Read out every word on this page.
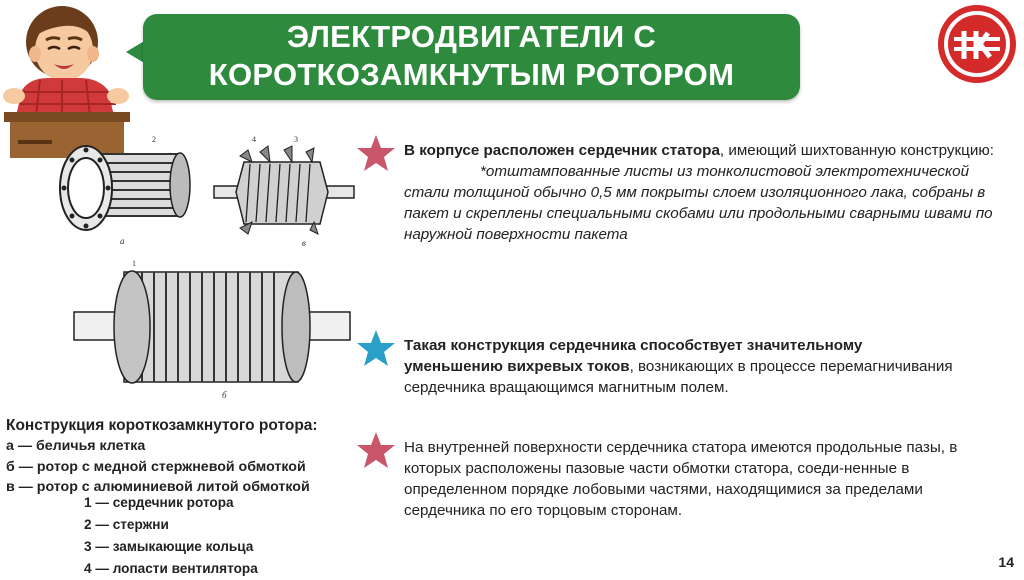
ЭЛЕКТРОДВИГАТЕЛИ С
КОРОТКОЗАМКНУТЫМ РОТОРОМ
а
2
в
4	3
б
1
В корпусе расположен сердечник статора, имеющий шихтованную конструкцию:
*отштампованные листы из тонколистовой электротехнической стали толщиной обычно 0,5 мм покрыты слоем изоляционного лака, собраны в пакет и скреплены специальными скобами или продольными сварными швами по наружной поверхности пакета
Такая конструкция сердечника способствует значительному уменьшению вихревых токов, возникающих в процессе перемагничивания сердечника вращающимся магнитным полем.
На внутренней поверхности сердечника статора имеются продольные пазы, в которых расположены пазовые части обмотки статора, соеди-ненные в определенном порядке лобовыми частями, находящимися за пределами сердечника по его торцовым сторонам.
Конструкция короткозамкнутого ротора:
а — беличья клетка
б — ротор с медной стержневой обмоткой
в — ротор с алюминиевой литой обмоткой
1 — сердечник ротора
2 — стержни
3 — замыкающие кольца
4 — лопасти вентилятора	14
